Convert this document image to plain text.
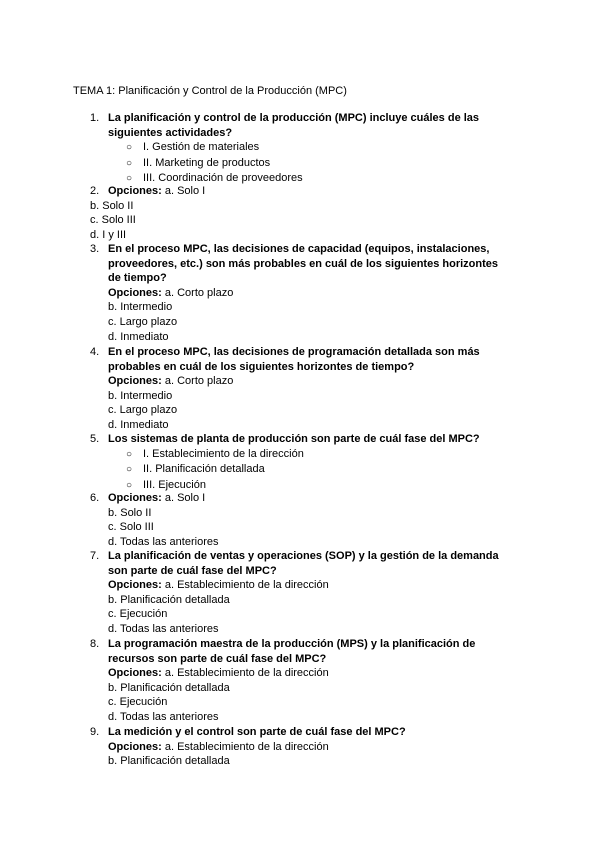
TEMA 1: Planificación y Control de la Producción (MPC)
1. La planificación y control de la producción (MPC) incluye cuáles de las siguientes actividades?
○ I. Gestión de materiales
○ II. Marketing de productos
○ III. Coordinación de proveedores
2. Opciones: a. Solo I
b. Solo II
c. Solo III
d. I y III
3. En el proceso MPC, las decisiones de capacidad (equipos, instalaciones, proveedores, etc.) son más probables en cuál de los siguientes horizontes de tiempo?
Opciones: a. Corto plazo
b. Intermedio
c. Largo plazo
d. Inmediato
4. En el proceso MPC, las decisiones de programación detallada son más probables en cuál de los siguientes horizontes de tiempo?
Opciones: a. Corto plazo
b. Intermedio
c. Largo plazo
d. Inmediato
5. Los sistemas de planta de producción son parte de cuál fase del MPC?
○ I. Establecimiento de la dirección
○ II. Planificación detallada
○ III. Ejecución
6. Opciones: a. Solo I
b. Solo II
c. Solo III
d. Todas las anteriores
7. La planificación de ventas y operaciones (SOP) y la gestión de la demanda son parte de cuál fase del MPC?
Opciones: a. Establecimiento de la dirección
b. Planificación detallada
c. Ejecución
d. Todas las anteriores
8. La programación maestra de la producción (MPS) y la planificación de recursos son parte de cuál fase del MPC?
Opciones: a. Establecimiento de la dirección
b. Planificación detallada
c. Ejecución
d. Todas las anteriores
9. La medición y el control son parte de cuál fase del MPC?
Opciones: a. Establecimiento de la dirección
b. Planificación detallada
